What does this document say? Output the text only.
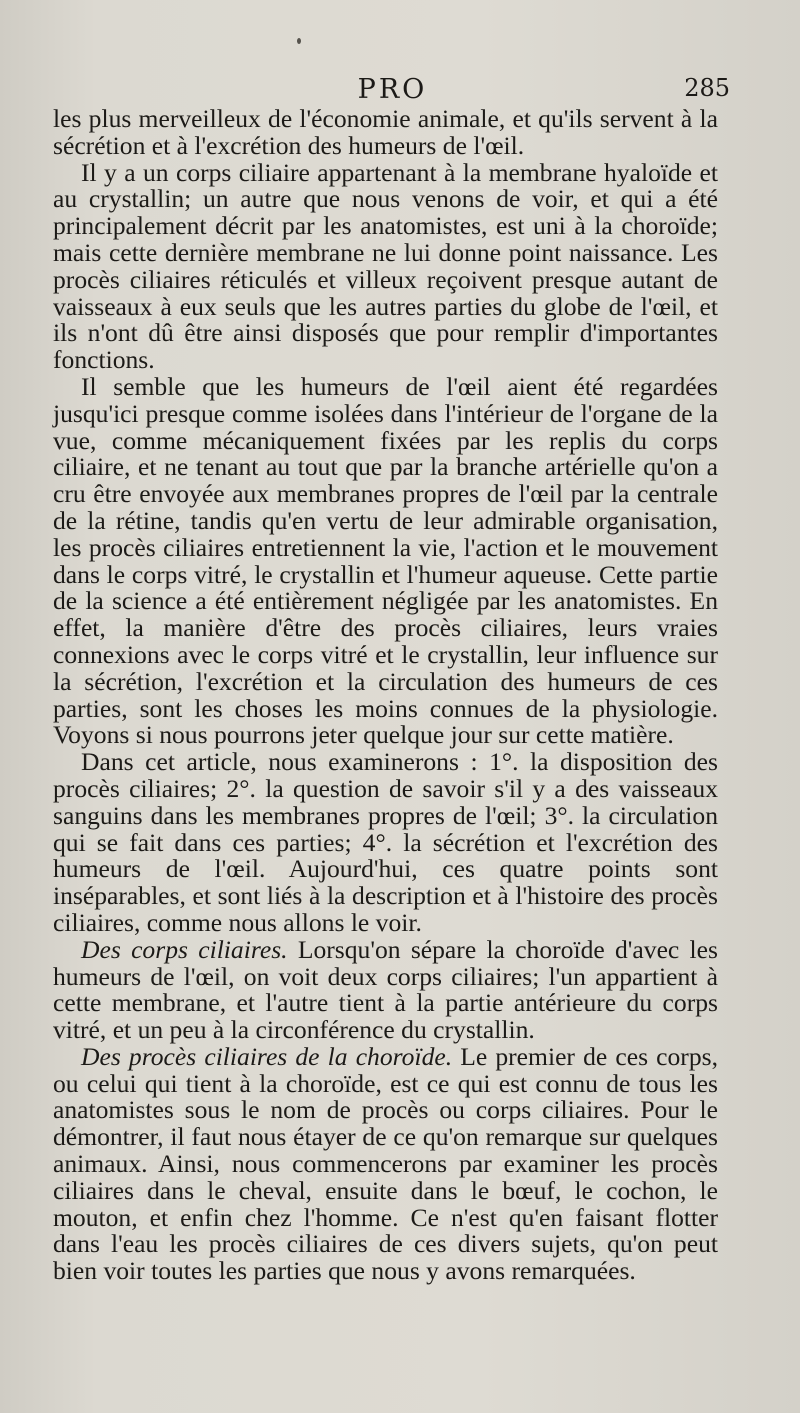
PRO	285

les plus merveilleux de l'économie animale, et qu'ils servent à la sécrétion et à l'excrétion des humeurs de l'œil.

Il y a un corps ciliaire appartenant à la membrane hyaloïde et au crystallin; un autre que nous venons de voir, et qui a été principalement décrit par les anatomistes, est uni à la choroïde; mais cette dernière membrane ne lui donne point naissance. Les procès ciliaires réticulés et villeux reçoivent presque autant de vaisseaux à eux seuls que les autres parties du globe de l'œil, et ils n'ont dû être ainsi disposés que pour remplir d'importantes fonctions.

Il semble que les humeurs de l'œil aient été regardées jusqu'ici presque comme isolées dans l'intérieur de l'organe de la vue, comme mécaniquement fixées par les replis du corps ciliaire, et ne tenant au tout que par la branche artérielle qu'on a cru être envoyée aux membranes propres de l'œil par la centrale de la rétine, tandis qu'en vertu de leur admirable organisation, les procès ciliaires entretiennent la vie, l'action et le mouvement dans le corps vitré, le crystallin et l'humeur aqueuse. Cette partie de la science a été entièrement négligée par les anatomistes. En effet, la manière d'être des procès ciliaires, leurs vraies connexions avec le corps vitré et le crystallin, leur influence sur la sécrétion, l'excrétion et la circulation des humeurs de ces parties, sont les choses les moins connues de la physiologie. Voyons si nous pourrons jeter quelque jour sur cette matière.

Dans cet article, nous examinerons : 1°. la disposition des procès ciliaires; 2°. la question de savoir s'il y a des vaisseaux sanguins dans les membranes propres de l'œil; 3°. la circulation qui se fait dans ces parties; 4°. la sécrétion et l'excrétion des humeurs de l'œil. Aujourd'hui, ces quatre points sont inséparables, et sont liés à la description et à l'histoire des procès ciliaires, comme nous allons le voir.

Des corps ciliaires. Lorsqu'on sépare la choroïde d'avec les humeurs de l'œil, on voit deux corps ciliaires; l'un appartient à cette membrane, et l'autre tient à la partie antérieure du corps vitré, et un peu à la circonférence du crystallin.

Des procès ciliaires de la choroïde. Le premier de ces corps, ou celui qui tient à la choroïde, est ce qui est connu de tous les anatomistes sous le nom de procès ou corps ciliaires. Pour le démontrer, il faut nous étayer de ce qu'on remarque sur quelques animaux. Ainsi, nous commencerons par examiner les procès ciliaires dans le cheval, ensuite dans le bœuf, le cochon, le mouton, et enfin chez l'homme. Ce n'est qu'en faisant flotter dans l'eau les procès ciliaires de ces divers sujets, qu'on peut bien voir toutes les parties que nous y avons remarquées.
